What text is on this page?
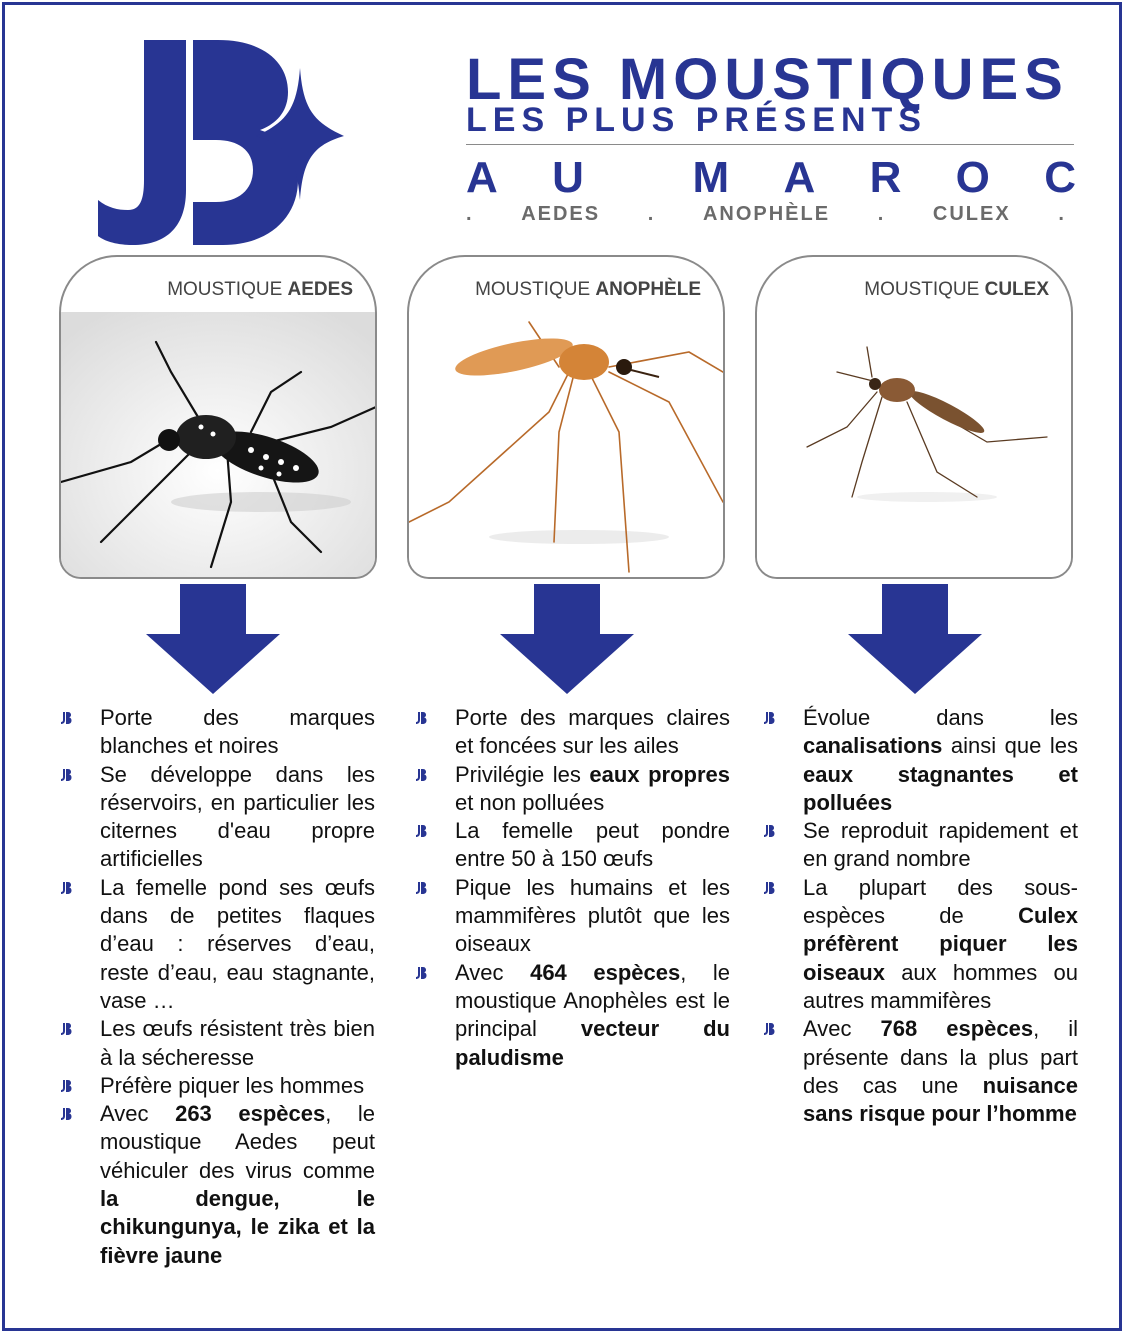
LES MOUSTIQUES
LES PLUS PRÉSENTS
A U M A R O C
. AEDES . ANOPHÈLE . CULEX .
MOUSTIQUE AEDES	MOUSTIQUE ANOPHÈLE	MOUSTIQUE CULEX
Porte des marques blanches et noires
Se développe dans les réservoirs, en particulier les citernes d'eau propre artificielles
La femelle pond ses œufs dans de petites flaques d’eau : réserves d’eau, reste d’eau, eau stagnante, vase …
Les œufs résistent très bien à la sécheresse
Préfère piquer les hommes
Avec 263 espèces, le moustique Aedes peut véhiculer des virus comme la dengue, le chikungunya, le zika et la fièvre jaune
Porte des marques claires et foncées sur les ailes
Privilégie les eaux propres et non polluées
La femelle peut pondre entre 50 à 150 œufs
Pique les humains et les mammifères plutôt que les oiseaux
Avec 464 espèces, le moustique Anophèles est le principal vecteur du paludisme
Évolue dans les canalisations ainsi que les eaux stagnantes et polluées
Se reproduit rapidement et en grand nombre
La plupart des sous-espèces de Culex préfèrent piquer les oiseaux aux hommes ou autres mammifères
Avec 768 espèces, il présente dans la plus part des cas une nuisance sans risque pour l’homme
